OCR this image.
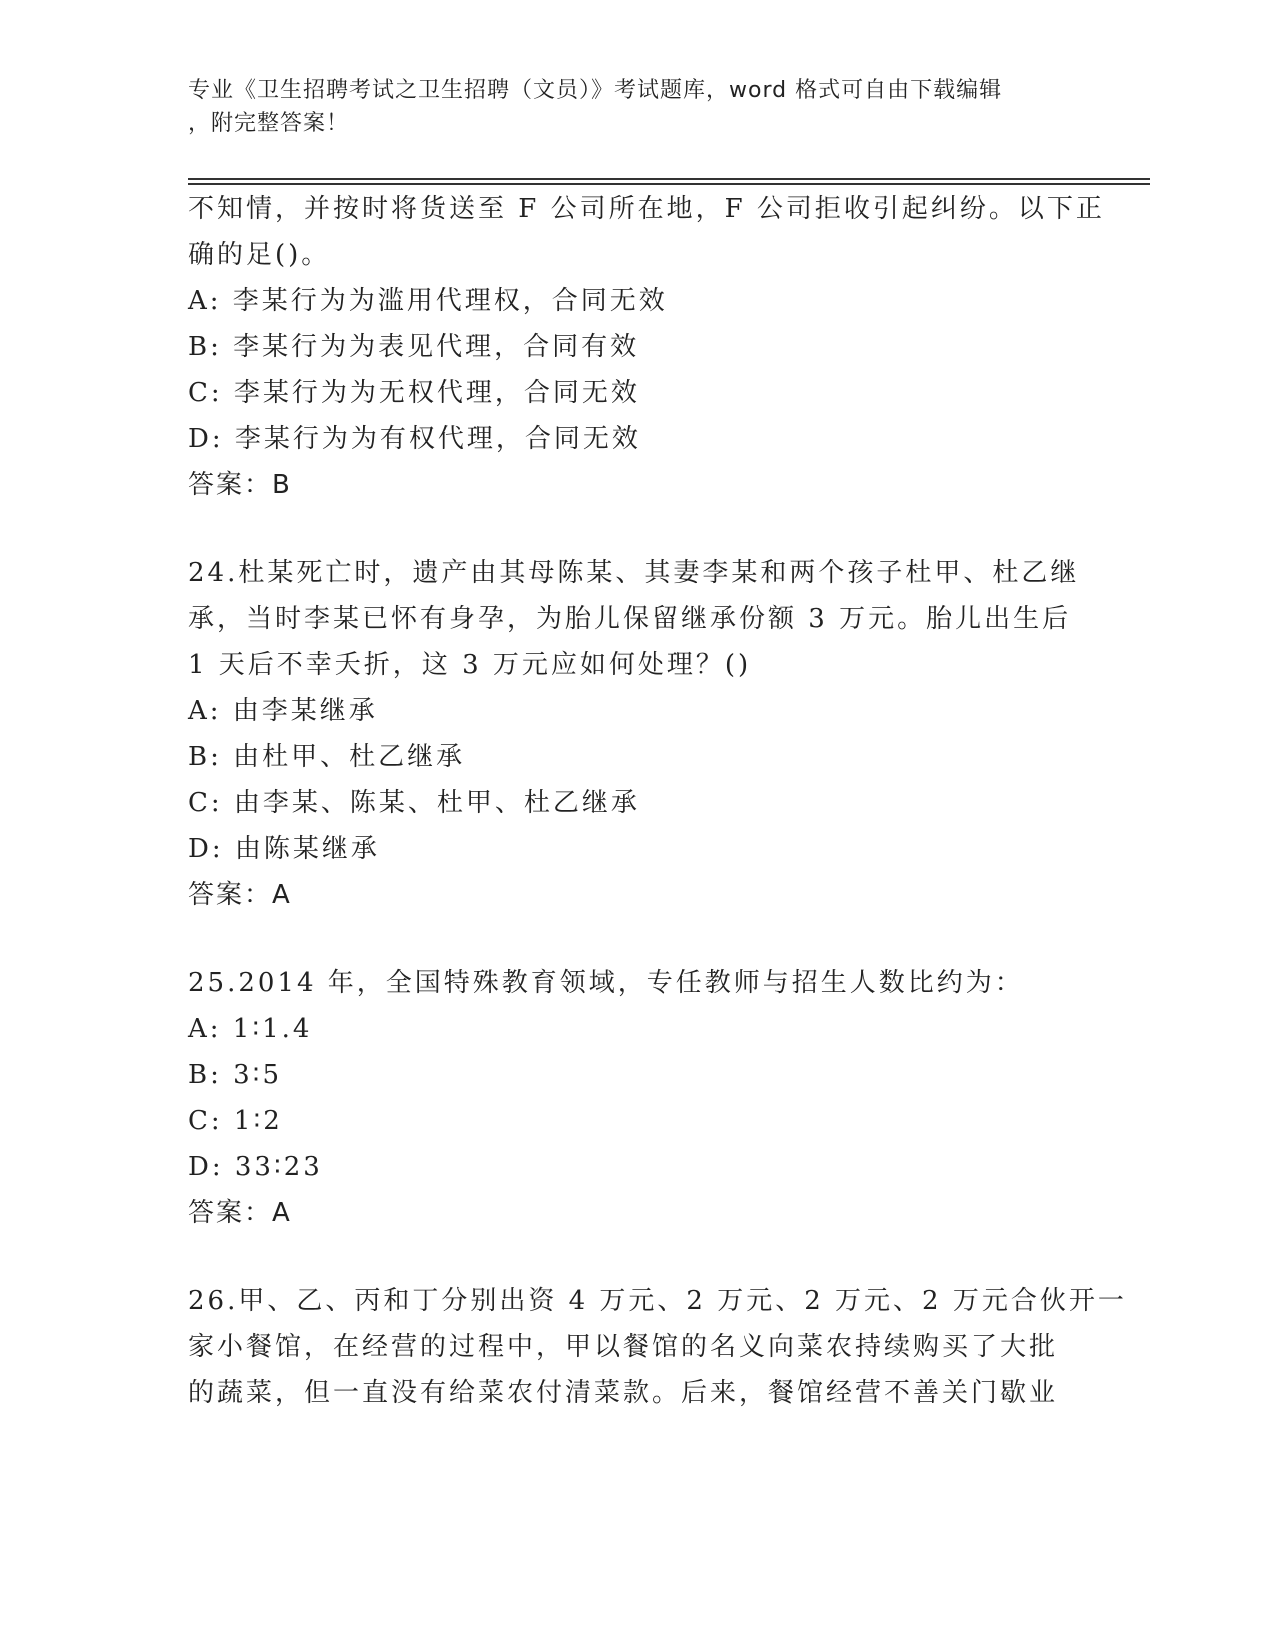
专业《卫生招聘考试之卫生招聘（文员）》考试题库，word 格式可自由下载编辑
，附完整答案！
不知情，并按时将货送至 F 公司所在地，F 公司拒收引起纠纷。以下正
确的足()。
A: 李某行为为滥用代理权，合同无效
B: 李某行为为表见代理，合同有效
C: 李某行为为无权代理，合同无效
D: 李某行为为有权代理，合同无效
答案：B
24.杜某死亡时，遗产由其母陈某、其妻李某和两个孩子杜甲、杜乙继
承，当时李某已怀有身孕，为胎儿保留继承份额 3 万元。胎儿出生后
1 天后不幸夭折，这 3 万元应如何处理？()
A: 由李某继承
B: 由杜甲、杜乙继承
C: 由李某、陈某、杜甲、杜乙继承
D: 由陈某继承
答案：A
25.2014 年，全国特殊教育领域，专任教师与招生人数比约为：
A: 1∶1.4
B: 3∶5
C: 1∶2
D: 33∶23
答案：A
26.甲、乙、丙和丁分别出资 4 万元、2 万元、2 万元、2 万元合伙开一
家小餐馆，在经营的过程中，甲以餐馆的名义向菜农持续购买了大批
的蔬菜，但一直没有给菜农付清菜款。后来，餐馆经营不善关门歇业
